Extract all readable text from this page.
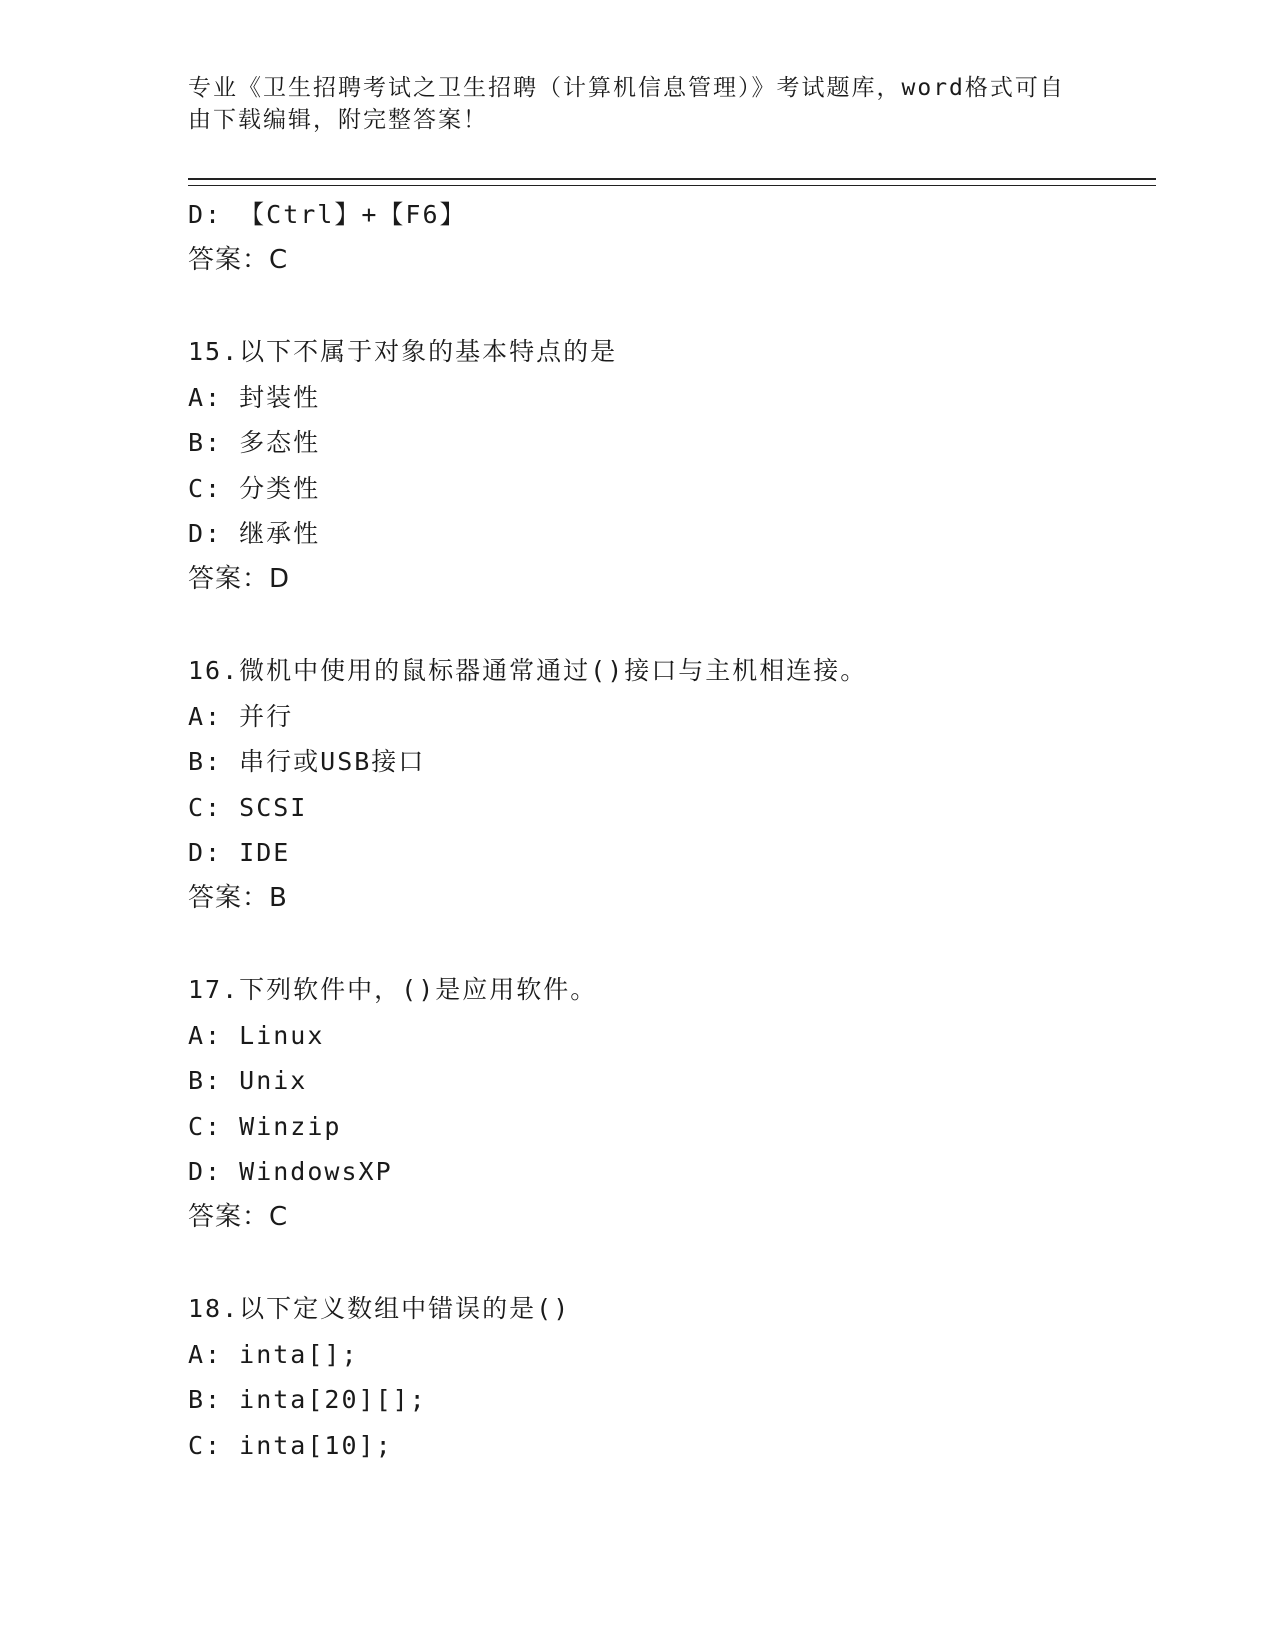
专业《卫生招聘考试之卫生招聘（计算机信息管理）》考试题库，word格式可自
由下载编辑，附完整答案！
D: 【Ctrl】+【F6】
答案：C
15.以下不属于对象的基本特点的是
A: 封装性
B: 多态性
C: 分类性
D: 继承性
答案：D
16.微机中使用的鼠标器通常通过()接口与主机相连接。
A: 并行
B: 串行或USB接口
C: SCSI
D: IDE
答案：B
17.下列软件中，()是应用软件。
A: Linux
B: Unix
C: Winzip
D: WindowsXP
答案：C
18.以下定义数组中错误的是()
A: inta[];
B: inta[20][];
C: inta[10];
